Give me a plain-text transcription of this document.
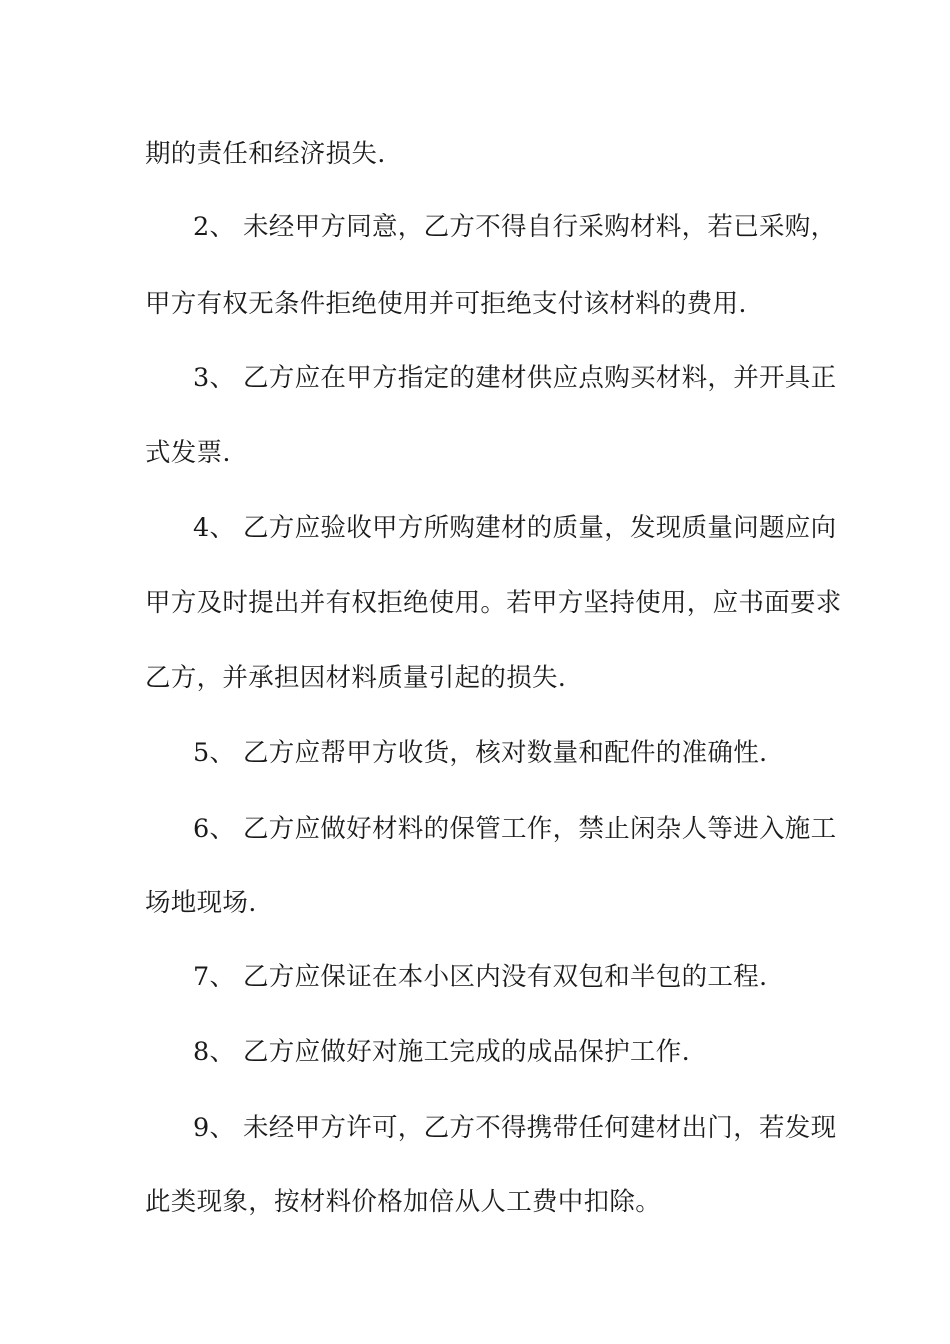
期的责任和经济损失.
2、 未经甲方同意，乙方不得自行采购材料，若已采购，
甲方有权无条件拒绝使用并可拒绝支付该材料的费用.
3、 乙方应在甲方指定的建材供应点购买材料，并开具正
式发票.
4、 乙方应验收甲方所购建材的质量，发现质量问题应向
甲方及时提出并有权拒绝使用。若甲方坚持使用，应书面要求
乙方，并承担因材料质量引起的损失.
5、 乙方应帮甲方收货，核对数量和配件的准确性.
6、 乙方应做好材料的保管工作，禁止闲杂人等进入施工
场地现场.
7、 乙方应保证在本小区内没有双包和半包的工程.
8、 乙方应做好对施工完成的成品保护工作.
9、 未经甲方许可，乙方不得携带任何建材出门，若发现
此类现象，按材料价格加倍从人工费中扣除。
